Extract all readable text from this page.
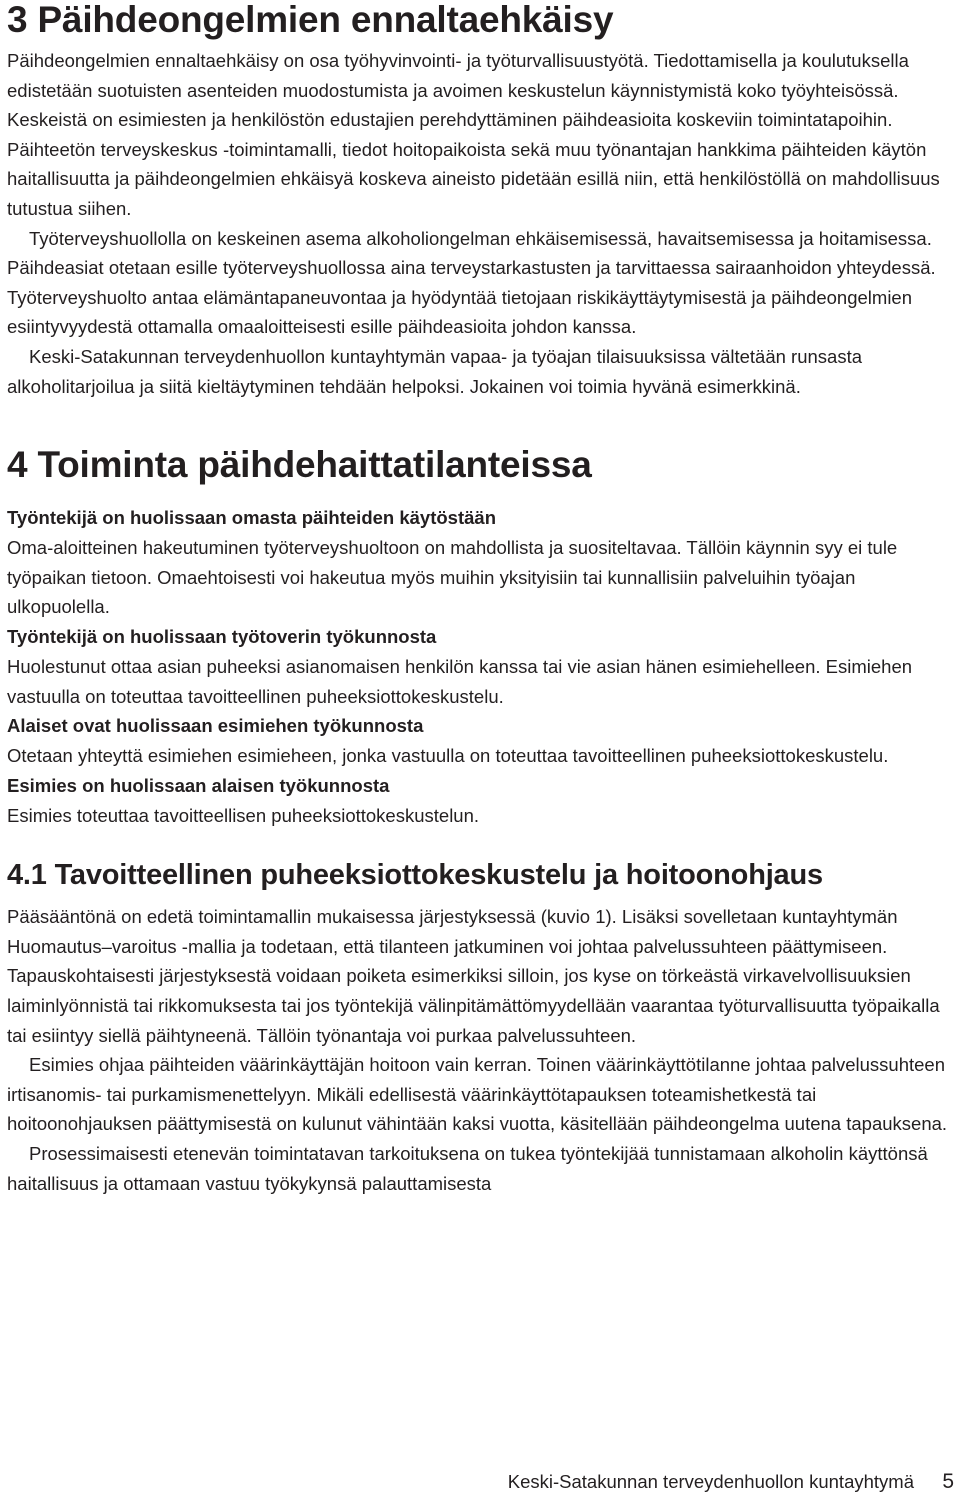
3 Päihdeongelmien ennaltaehkäisy

Päihdeongelmien ennaltaehkäisy on osa työhyvinvointi- ja työturvallisuustyötä. Tiedottamisella ja koulutuksella edistetään suotuisten asenteiden muodostumista ja avoimen keskustelun käynnistymistä koko työyhteisössä. Keskeistä on esimiesten ja henkilöstön edustajien perehdyttäminen päihdeasioita koskeviin toimintatapoihin. Päihteetön terveyskeskus -toimintamalli, tiedot hoitopaikoista sekä muu työnantajan hankkima päihteiden käytön haitallisuutta ja päihdeongelmien ehkäisyä koskeva aineisto pidetään esillä niin, että henkilöstöllä on mahdollisuus tutustua siihen.

Työterveyshuollolla on keskeinen asema alkoholiongelman ehkäisemisessä, havaitsemisessa ja hoitamisessa. Päihdeasiat otetaan esille työterveyshuollossa aina terveystarkastusten ja tarvittaessa sairaanhoidon yhteydessä. Työterveyshuolto antaa elämäntapaneuvontaa ja hyödyntää tietojaan riskikäyttäytymisestä ja päihdeongelmien esiintyvyydestä ottamalla omaaloitteisesti esille päihdeasioita johdon kanssa.

Keski-Satakunnan terveydenhuollon kuntayhtymän vapaa- ja työajan tilaisuuksissa vältetään runsasta alkoholitarjoilua ja siitä kieltäytyminen tehdään helpoksi. Jokainen voi toimia hyvänä esimerkkinä.

4 Toiminta päihdehaittatilanteissa
Työntekijä on huolissaan omasta päihteiden käytöstään

Oma-aloitteinen hakeutuminen työterveyshuoltoon on mahdollista ja suositeltavaa. Tällöin käynnin syy ei tule työpaikan tietoon. Omaehtoisesti voi hakeutua myös muihin yksityisiin tai kunnallisiin palveluihin työajan ulkopuolella.

Työntekijä on huolissaan työtoverin työkunnosta

Huolestunut ottaa asian puheeksi asianomaisen henkilön kanssa tai vie asian hänen esimiehelleen. Esimiehen vastuulla on toteuttaa tavoitteellinen puheeksiottokeskustelu.

Alaiset ovat huolissaan esimiehen työkunnosta

Otetaan yhteyttä esimiehen esimieheen, jonka vastuulla on toteuttaa tavoitteellinen puheeksiottokeskustelu.

Esimies on huolissaan alaisen työkunnosta

Esimies toteuttaa tavoitteellisen puheeksiottokeskustelun.

4.1 Tavoitteellinen puheeksiottokeskustelu ja hoitoonohjaus

Pääsääntönä on edetä toimintamallin mukaisessa järjestyksessä (kuvio 1). Lisäksi sovelletaan kuntayhtymän Huomautus–varoitus -mallia ja todetaan, että tilanteen jatkuminen voi johtaa palvelussuhteen päättymiseen. Tapauskohtaisesti järjestyksestä voidaan poiketa esimerkiksi silloin, jos kyse on törkeästä virkavelvollisuuksien laiminlyönnistä tai rikkomuksesta tai jos työntekijä välinpitämättömyydellään vaarantaa työturvallisuutta työpaikalla tai esiintyy siellä päihtyneenä. Tällöin työnantaja voi purkaa palvelussuhteen.

Esimies ohjaa päihteiden väärinkäyttäjän hoitoon vain kerran. Toinen väärinkäyttötilanne johtaa palvelussuhteen irtisanomis- tai purkamismenettelyyn. Mikäli edellisestä väärinkäyttötapauksen toteamishetkestä tai hoitoonohjauksen päättymisestä on kulunut vähintään kaksi vuotta, käsitellään päihdeongelma uutena tapauksena.

Prosessimaisesti etenevän toimintatavan tarkoituksena on tukea työntekijää tunnistamaan alkoholin käyttönsä haitallisuus ja ottamaan vastuu työkykynsä palauttamisesta

Keski-Satakunnan terveydenhuollon kuntayhtymä 5
